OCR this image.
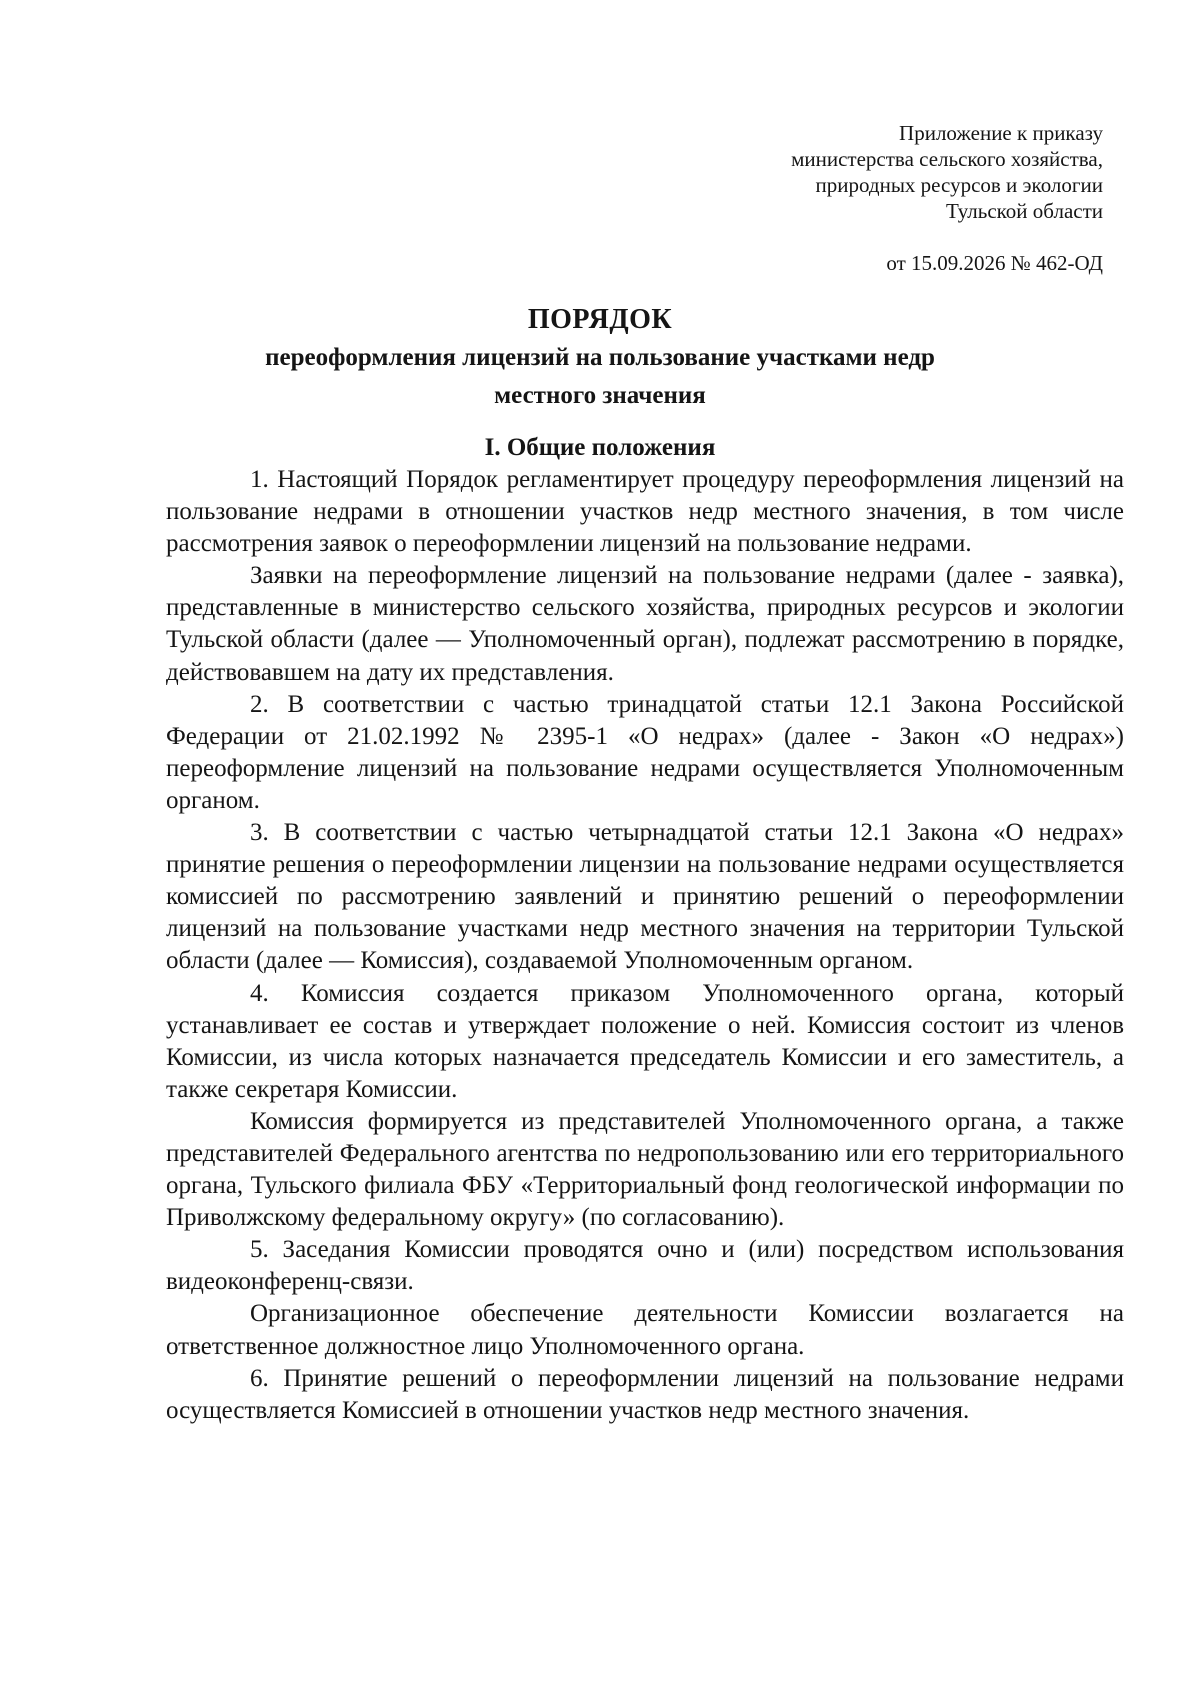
Приложение к приказу
министерства сельского хозяйства,
природных ресурсов и экологии
Тульской области
от 15.09.2026 № 462-ОД
ПОРЯДОК
переоформления лицензий на пользование участками недр
местного значения
I. Общие положения

1. Настоящий Порядок регламентирует процедуру переоформления лицензий на пользование недрами в отношении участков недр местного значения, в том числе рассмотрения заявок о переоформлении лицензий на пользование недрами.

Заявки на переоформление лицензий на пользование недрами (далее - заявка), представленные в министерство сельского хозяйства, природных ресурсов и экологии Тульской области (далее — Уполномоченный орган), подлежат рассмотрению в порядке, действовавшем на дату их представления.

2. В соответствии с частью тринадцатой статьи 12.1 Закона Российской Федерации от 21.02.1992 № 2395-1 «О недрах» (далее - Закон «О недрах») переоформление лицензий на пользование недрами осуществляется Уполномоченным органом.

3. В соответствии с частью четырнадцатой статьи 12.1 Закона «О недрах» принятие решения о переоформлении лицензии на пользование недрами осуществляется комиссией по рассмотрению заявлений и принятию решений о переоформлении лицензий на пользование участками недр местного значения на территории Тульской области (далее — Комиссия), создаваемой Уполномоченным органом.

4. Комиссия создается приказом Уполномоченного органа, который устанавливает ее состав и утверждает положение о ней. Комиссия состоит из членов Комиссии, из числа которых назначается председатель Комиссии и его заместитель, а также секретаря Комиссии.

Комиссия формируется из представителей Уполномоченного органа, а также представителей Федерального агентства по недропользованию или его территориального органа, Тульского филиала ФБУ «Территориальный фонд геологической информации по Приволжскому федеральному округу» (по согласованию).

5. Заседания Комиссии проводятся очно и (или) посредством использования видеоконференц-связи.

Организационное обеспечение деятельности Комиссии возлагается на ответственное должностное лицо Уполномоченного органа.

6. Принятие решений о переоформлении лицензий на пользование недрами осуществляется Комиссией в отношении участков недр местного значения.
